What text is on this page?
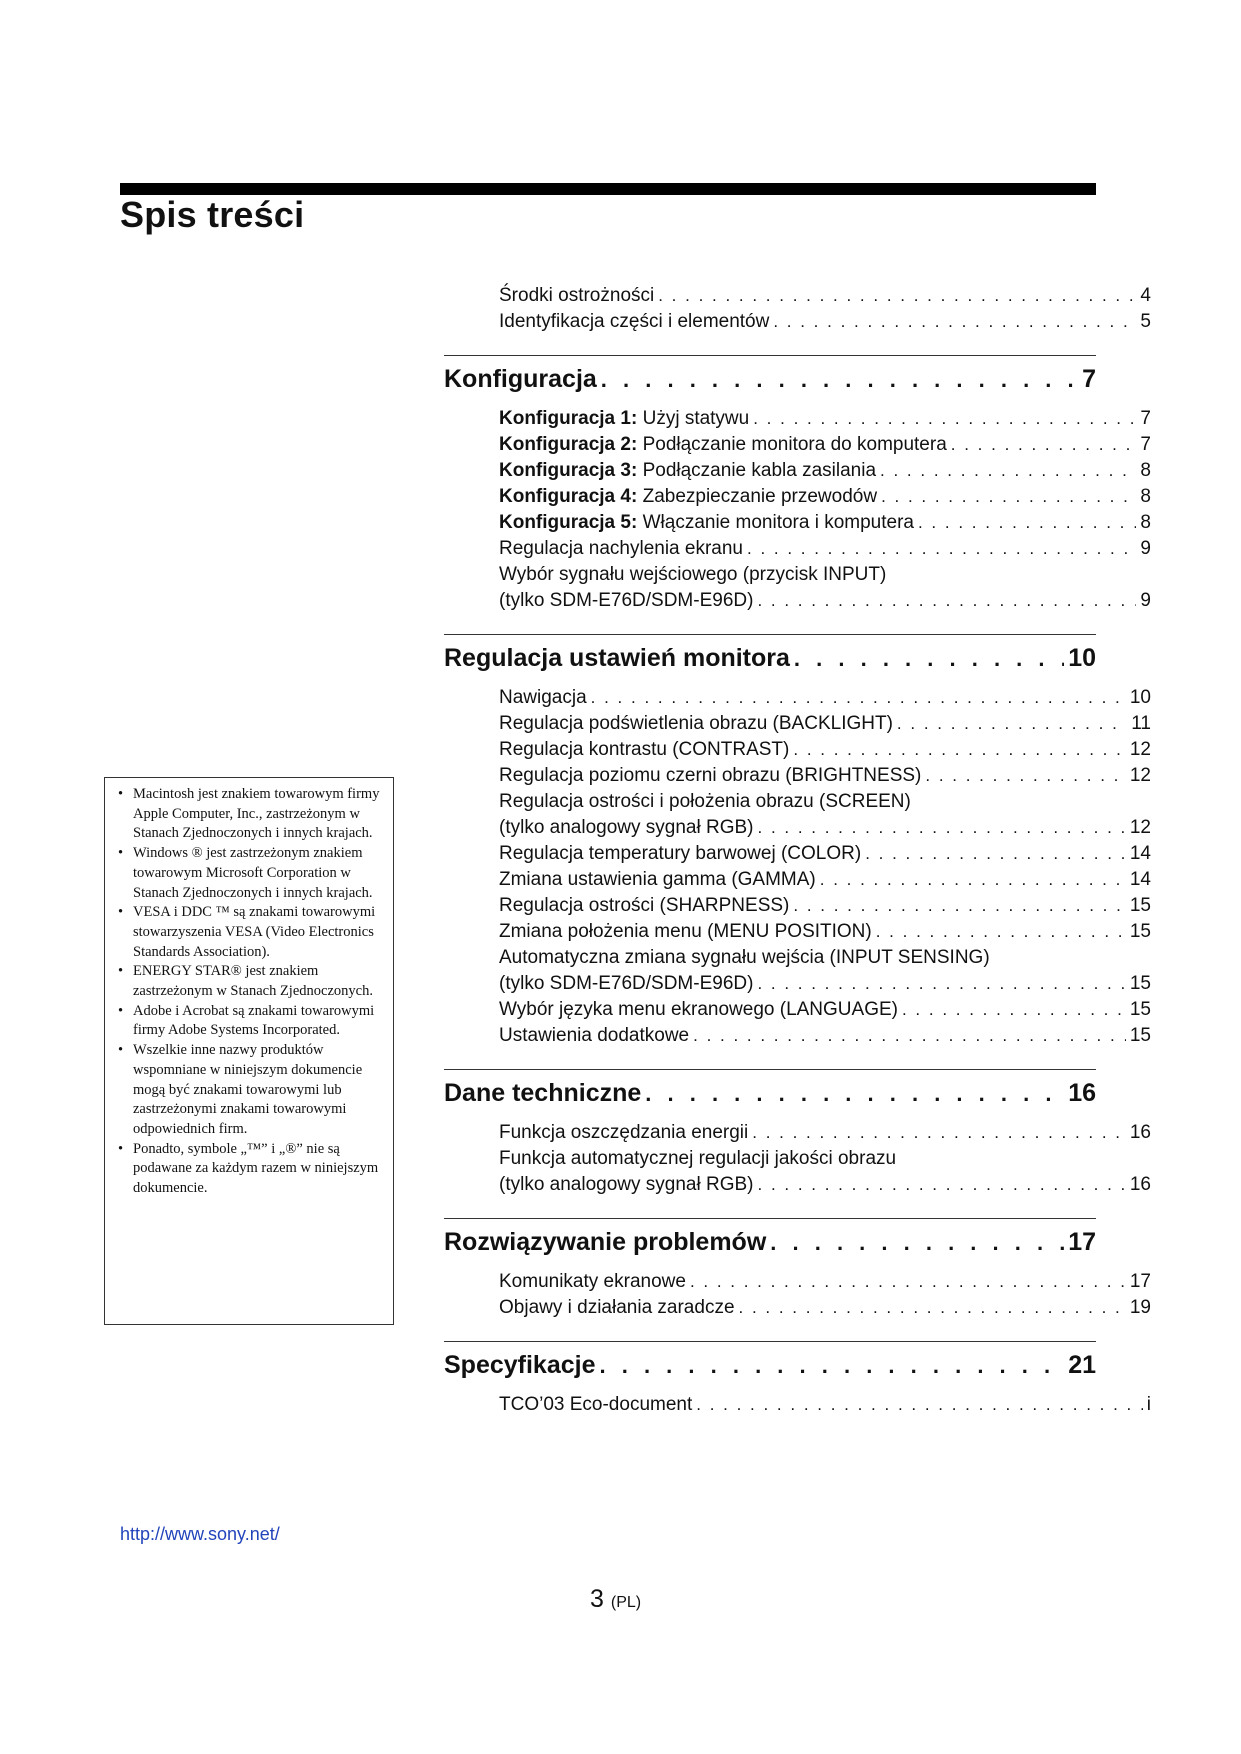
Spis treści
Środki ostrożności . . .	4
Identyfikacja części i elementów . . .	5
Konfiguracja . . .	7
Konfiguracja 1: Użyj statywu . . .	7
Konfiguracja 2: Podłączanie monitora do komputera . . .	7
Konfiguracja 3: Podłączanie kabla zasilania . . .	8
Konfiguracja 4: Zabezpieczanie przewodów . . .	8
Konfiguracja 5: Włączanie monitora i komputera . . .	8
Regulacja nachylenia ekranu . . .	9
Wybór sygnału wejściowego (przycisk INPUT)
(tylko SDM-E76D/SDM-E96D) . . .	9
Regulacja ustawień monitora . . .	10
Nawigacja . . .	10
Regulacja podświetlenia obrazu (BACKLIGHT) . . .	11
Regulacja kontrastu (CONTRAST) . . .	12
Regulacja poziomu czerni obrazu (BRIGHTNESS) . . .	12
Regulacja ostrości i położenia obrazu (SCREEN)
(tylko analogowy sygnał RGB) . . .	12
Regulacja temperatury barwowej (COLOR) . . .	14
Zmiana ustawienia gamma (GAMMA) . . .	14
Regulacja ostrości (SHARPNESS) . . .	15
Zmiana położenia menu (MENU POSITION) . . .	15
Automatyczna zmiana sygnału wejścia (INPUT SENSING)
(tylko SDM-E76D/SDM-E96D) . . .	15
Wybór języka menu ekranowego (LANGUAGE) . . .	15
Ustawienia dodatkowe . . .	15
Dane techniczne . . .	16
Funkcja oszczędzania energii . . .	16
Funkcja automatycznej regulacji jakości obrazu
(tylko analogowy sygnał RGB) . . .	16
Rozwiązywanie problemów . . .	17
Komunikaty ekranowe . . .	17
Objawy i działania zaradcze . . .	19
Specyfikacje . . .	21
TCO’03 Eco-document . . .	i
• Macintosh jest znakiem towarowym firmy Apple Computer, Inc., zastrzeżonym w Stanach Zjednoczonych i innych krajach.
• Windows ® jest zastrzeżonym znakiem towarowym Microsoft Corporation w Stanach Zjednoczonych i innych krajach.
• VESA i DDC ™ są znakami towarowymi stowarzyszenia VESA (Video Electronics Standards Association).
• ENERGY STAR® jest znakiem zastrzeżonym w Stanach Zjednoczonych.
• Adobe i Acrobat są znakami towarowymi firmy Adobe Systems Incorporated.
• Wszelkie inne nazwy produktów wspomniane w niniejszym dokumencie mogą być znakami towarowymi lub zastrzeżonymi znakami towarowymi odpowiednich firm.
• Ponadto, symbole „™” i „®” nie są podawane za każdym razem w niniejszym dokumencie.
http://www.sony.net/
3 (PL)
